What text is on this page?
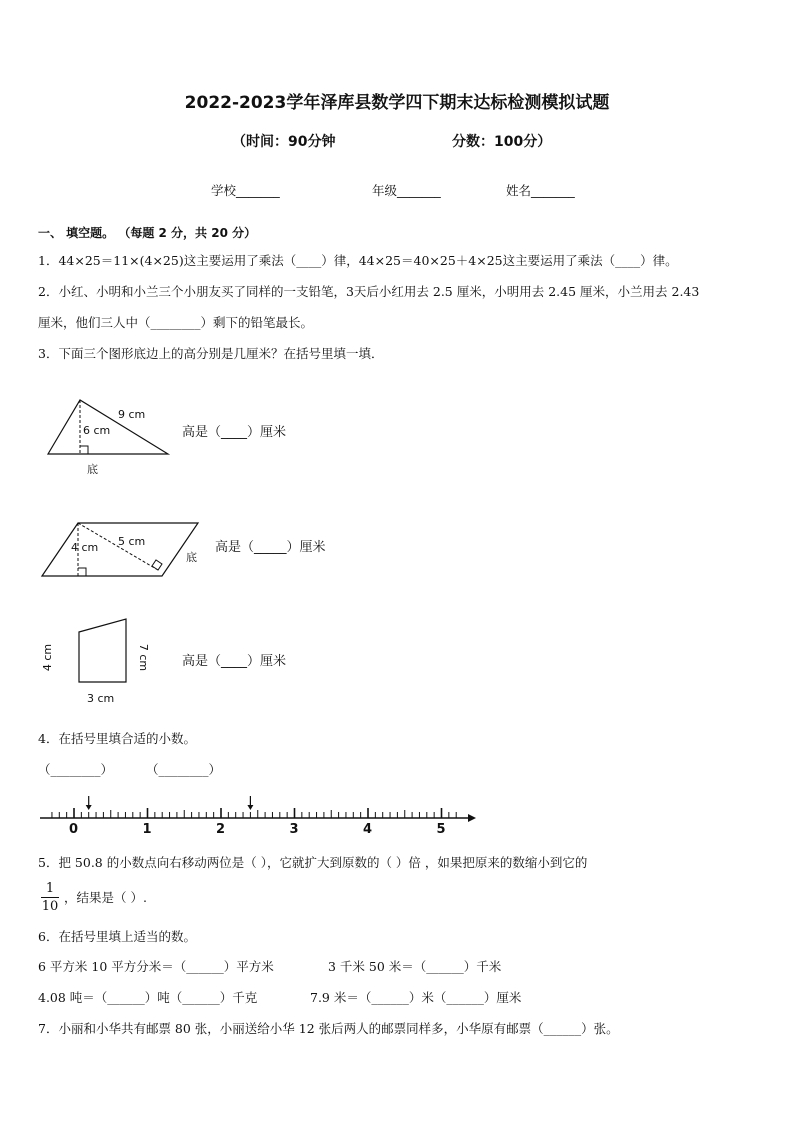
2022-2023学年泽库县数学四下期末达标检测模拟试题
（时间：90分钟	分数：100分）
学校_______	年级_______	姓名_______
一、 填空题。 （每题 2 分，共 20 分）
1．44×25＝11×(4×25)这主要运用了乘法（____）律，44×25＝40×25＋4×25这主要运用了乘法（____）律。
2．小红、小明和小兰三个小朋友买了同样的一支铅笔，3天后小红用去 2.5 厘米，小明用去 2.45 厘米，小兰用去 2.43
厘米，他们三人中（________）剩下的铅笔最长。
3．下面三个图形底边上的高分别是几厘米？在括号里填一填．
9 cm
6 cm
底
高是（____）厘米
4 cm 5 cm
底
高是（_____）厘米
4 cm	7 cm
3 cm
高是（____）厘米
4．在括号里填合适的小数。
（________）	（________）
0	1	2	3	4	5
5．把 50.8 的小数点向右移动两位是（ ），它就扩大到原数的（ ）倍 ，如果把原来的数缩小到它的
1
10
，结果是（ ）.
6．在括号里填上适当的数。
6 平方米 10 平方分米＝（______）平方米	3 千米 50 米＝（______）千米
4.08 吨＝（______）吨（______）千克	7.9 米＝（______）米（______）厘米
7．小丽和小华共有邮票 80 张，小丽送给小华 12 张后两人的邮票同样多，小华原有邮票（______）张。
